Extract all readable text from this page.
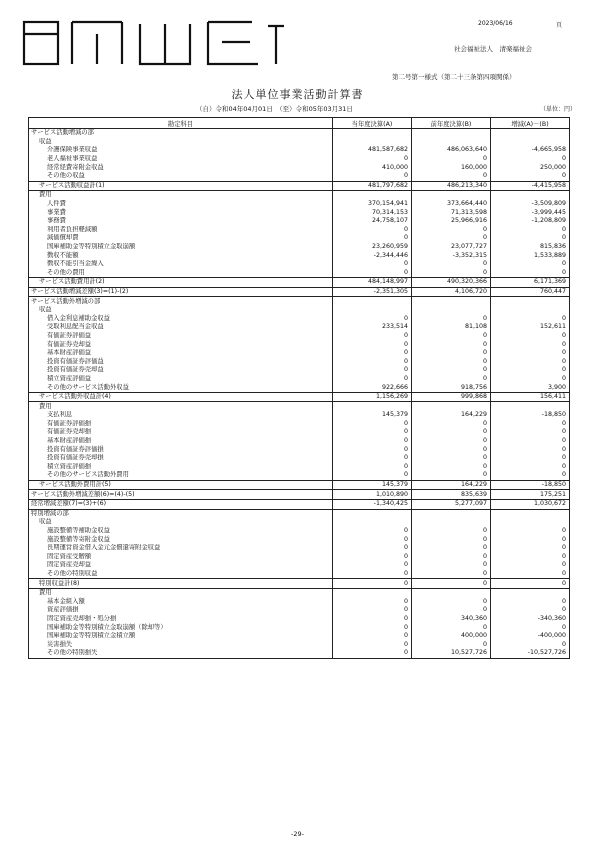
2023/06/16	頁
社会福祉法人　清楽福祉会
第二号第一様式（第二十三条第四項関係）
法人単位事業活動計算書
（自）令和04年04月01日　（至）令和05年03月31日	（単位：円）
勘定科目	当年度決算(A)	前年度決算(B)	増減(A)－(B)
サービス活動増減の部			
収益			
介護保険事業収益	481,587,682	486,063,640	-4,665,958
老人福祉事業収益	0	0	0
経常経費寄附金収益	410,000	160,000	250,000
その他の収益	0	0	0
サービス活動収益計(1)	481,797,682	486,213,340	-4,415,958
費用			
人件費	370,154,941	373,664,440	-3,509,809
事業費	70,314,153	71,313,598	-3,999,445
事務費	24,758,107	25,966,916	-1,208,809
利用者負担軽減額	0	0	0
減価償却費	0	0	0
国庫補助金等特別積立金取崩額	23,260,959	23,077,727	815,836
徴収不能額	-2,344,446	-3,352,315	1,533,889
徴収不能引当金繰入	0	0	0
その他の費用	0	0	0
サービス活動費用計(2)	484,148,997	490,320,366	6,171,369
サービス活動増減差額(3)=(1)-(2)	-2,351,305	4,106,720	760,447
サービス活動外増減の部			
収益			
借入金利息補助金収益	0	0	0
受取利息配当金収益	233,514	81,108	152,611
有価証券評価益	0	0	0
有価証券売却益	0	0	0
基本財産評価益	0	0	0
投資有価証券評価益	0	0	0
投資有価証券売却益	0	0	0
積立資産評価益	0	0	0
その他のサービス活動外収益	922,666	918,756	3,900
サービス活動外収益計(4)	1,156,269	999,868	156,411
費用			
支払利息	145,379	164,229	-18,850
有価証券評価損	0	0	0
有価証券売却損	0	0	0
基本財産評価損	0	0	0
投資有価証券評価損	0	0	0
投資有価証券売却損	0	0	0
積立資産評価損	0	0	0
その他のサービス活動外費用	0	0	0
サービス活動外費用計(5)	145,379	164,229	-18,850
サービス活動外増減差額(6)=(4)-(5)	1,010,890	835,639	175,251
経常増減差額(7)=(3)+(6)	-1,340,425	5,277,097	1,030,672
特別増減の部			
収益			
施設整備等補助金収益	0	0	0
施設整備等寄附金収益	0	0	0
長期運営資金借入金元金償還寄附金収益	0	0	0
固定資産受贈額	0	0	0
固定資産売却益	0	0	0
その他の特別収益	0	0	0
特別収益計(8)	0	0	0
費用			
基本金組入額	0	0	0
資産評価損	0	0	0
固定資産売却損・処分損	0	340,360	-340,360
国庫補助金等特別積立金取崩額（除却等）	0	0	0
国庫補助金等特別積立金積立額	0	400,000	-400,000
災害損失	0	0	0
その他の特別損失	0	10,527,726	-10,527,726
-29-
